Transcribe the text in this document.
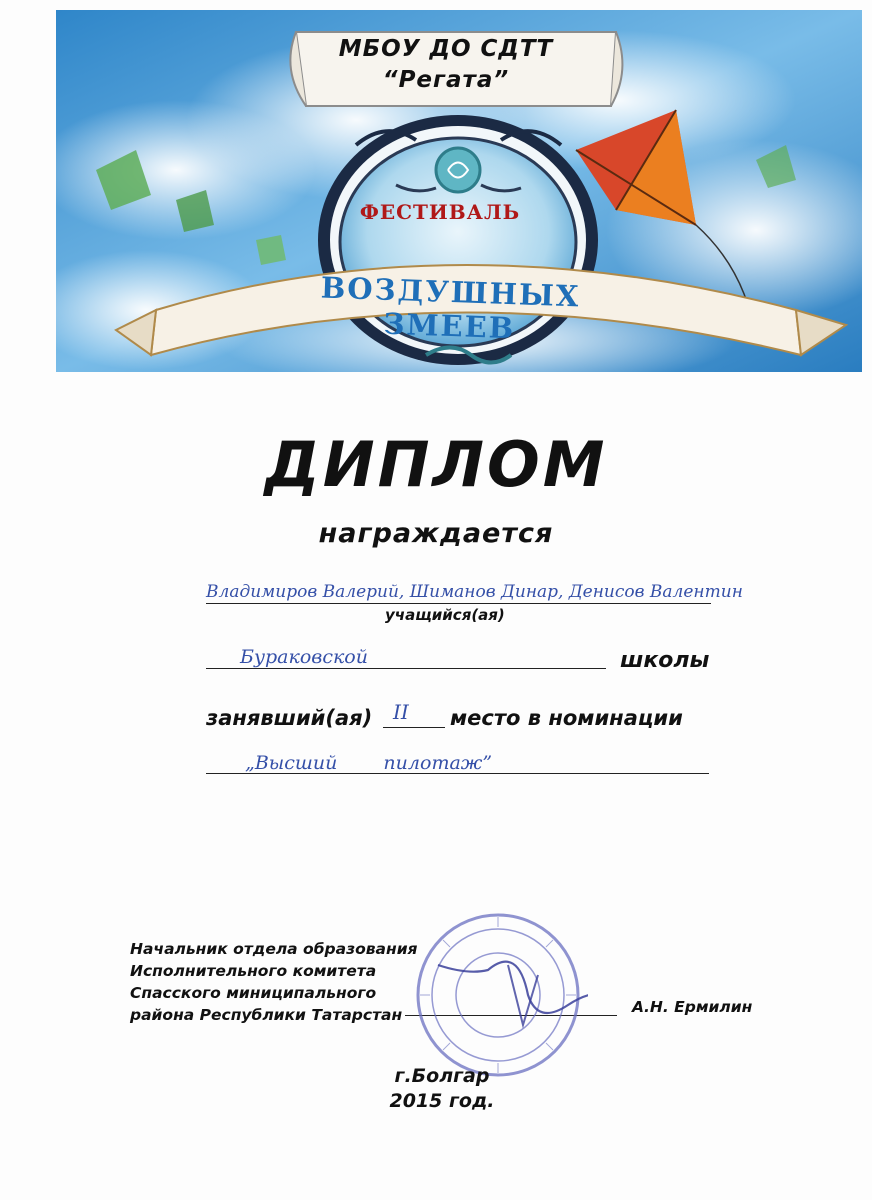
МБОУ ДО СДТТ
“Регата”
ФЕСТИВАЛЬ
ВОЗДУШНЫХ ЗМЕЕВ
ДИПЛОМ
награждается
Владимиров Валерий, Шиманов Динар, Денисов Валентин
учащийся(ая)
Бураковской	школы
занявший(ая) II место в номинации
„Высший пилотаж”
Начальник отдела образования
Исполнительного комитета
Спасского миниципального
района Республики Татарстан	А.Н. Ермилин
г.Болгар
2015 год.
